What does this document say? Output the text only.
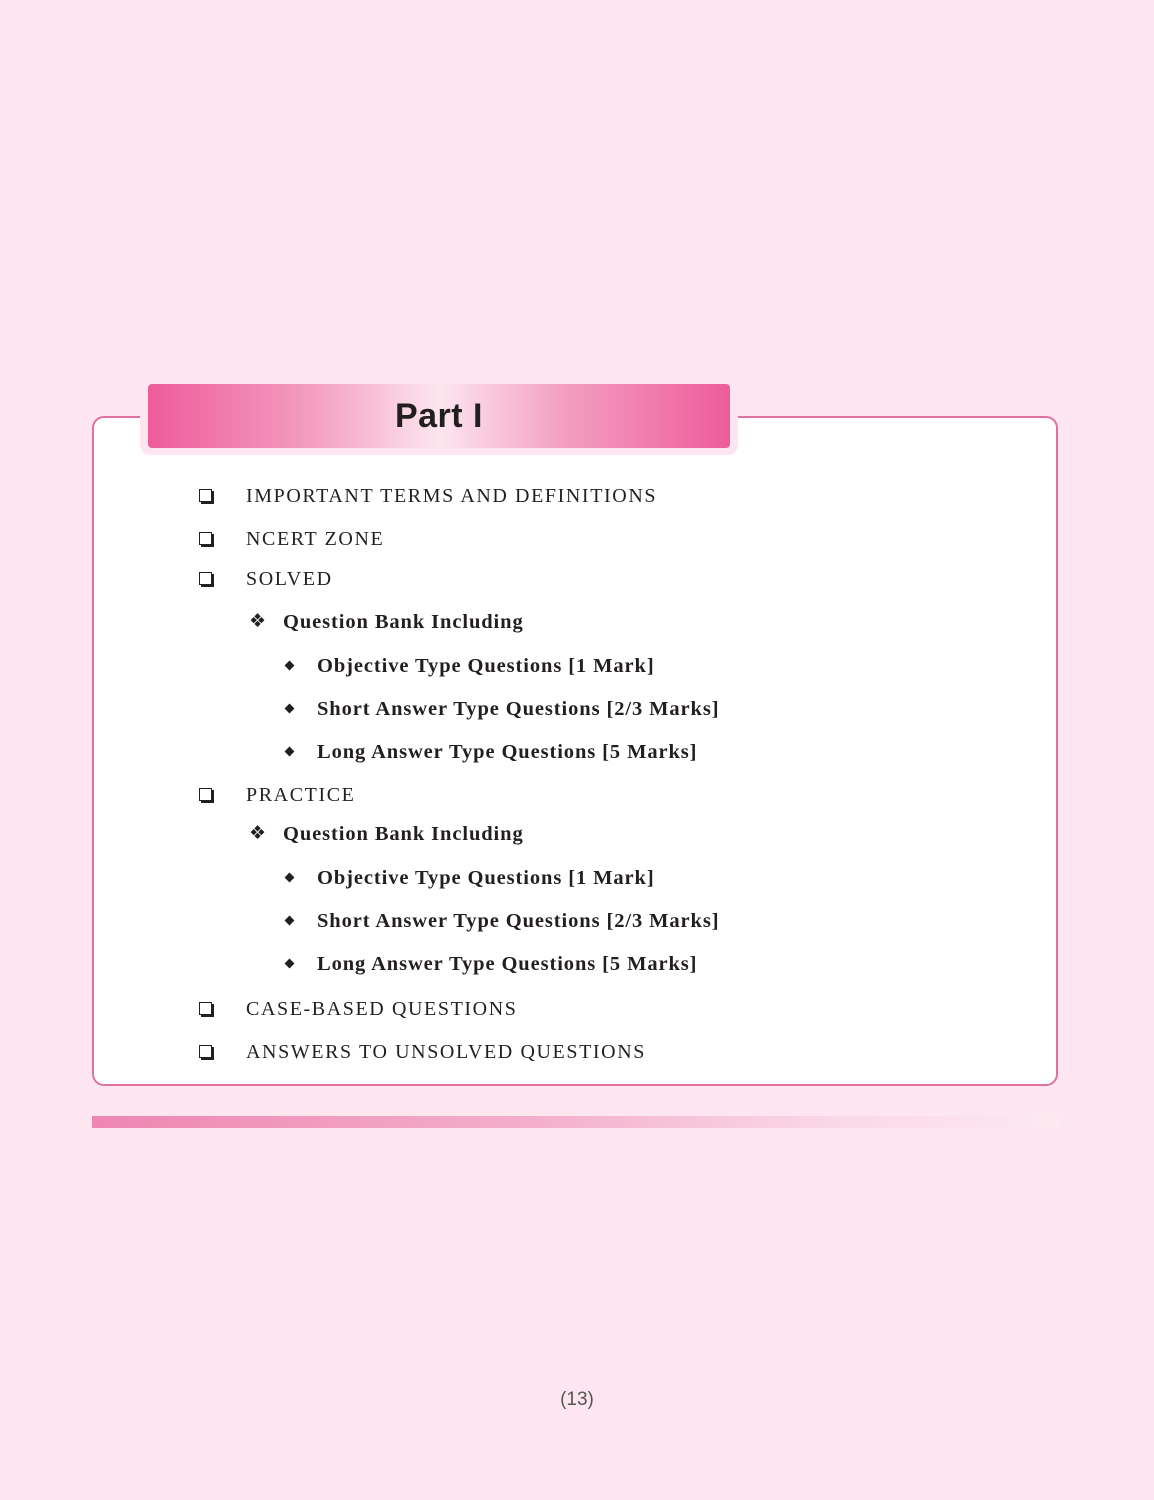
Part I
IMPORTANT TERMS AND DEFINITIONS
NCERT ZONE
SOLVED
❖ Question Bank Including
Objective Type Questions [1 Mark]
Short Answer Type Questions [2/3 Marks]
Long Answer Type Questions [5 Marks]
PRACTICE
❖ Question Bank Including
Objective Type Questions [1 Mark]
Short Answer Type Questions [2/3 Marks]
Long Answer Type Questions [5 Marks]
CASE-BASED QUESTIONS
ANSWERS TO UNSOLVED QUESTIONS
(13)
